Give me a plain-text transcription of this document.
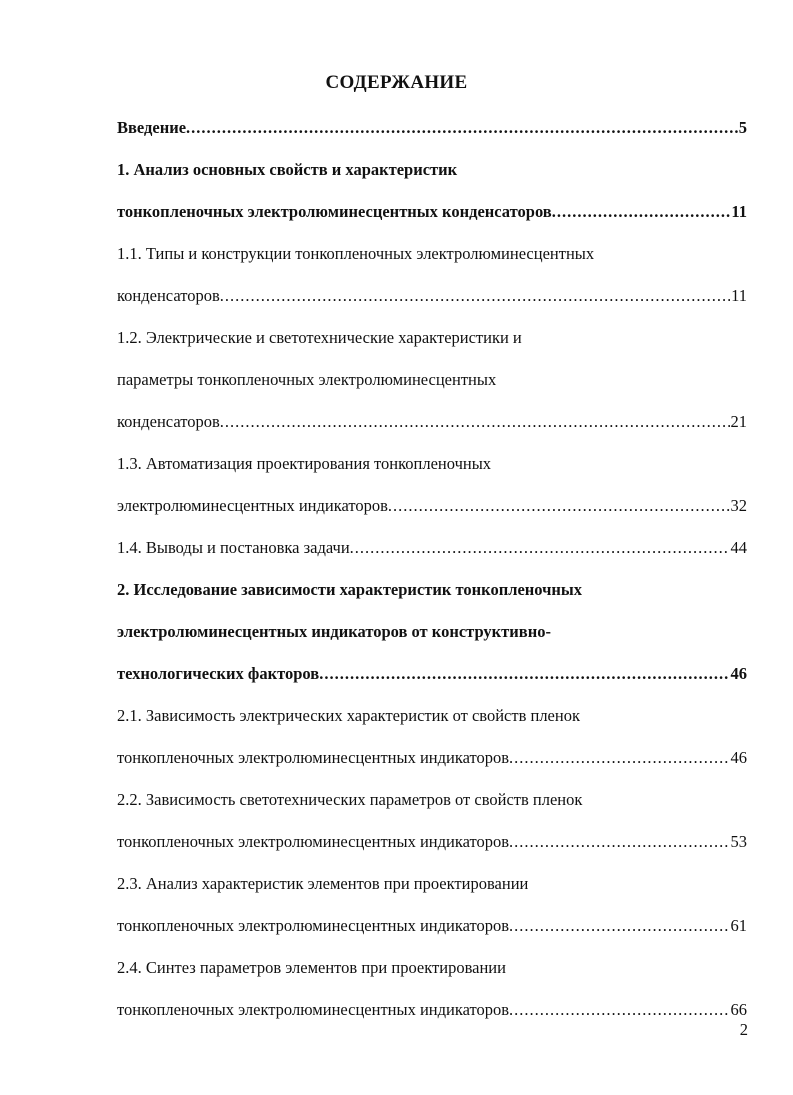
СОДЕРЖАНИЕ
Введение .....	5
1. Анализ основных свойств и характеристик
тонкопленочных электролюминесцентных конденсаторов .....	11
1.1. Типы и конструкции тонкопленочных электролюминесцентных
конденсаторов .....	11
1.2. Электрические и светотехнические характеристики и
параметры тонкопленочных электролюминесцентных
конденсаторов .....	21
1.3. Автоматизация проектирования тонкопленочных
электролюминесцентных индикаторов .....	32
1.4. Выводы и постановка задачи .....	44
2. Исследование зависимости характеристик тонкопленочных
электролюминесцентных индикаторов от конструктивно-
технологических факторов .....	46
2.1. Зависимость электрических характеристик от свойств пленок
тонкопленочных электролюминесцентных индикаторов .....	46
2.2. Зависимость светотехнических параметров от свойств пленок
тонкопленочных электролюминесцентных индикаторов .....	53
2.3. Анализ характеристик элементов при проектировании
тонкопленочных электролюминесцентных индикаторов .....	61
2.4. Синтез параметров элементов при проектировании
тонкопленочных электролюминесцентных индикаторов .....	66
2
